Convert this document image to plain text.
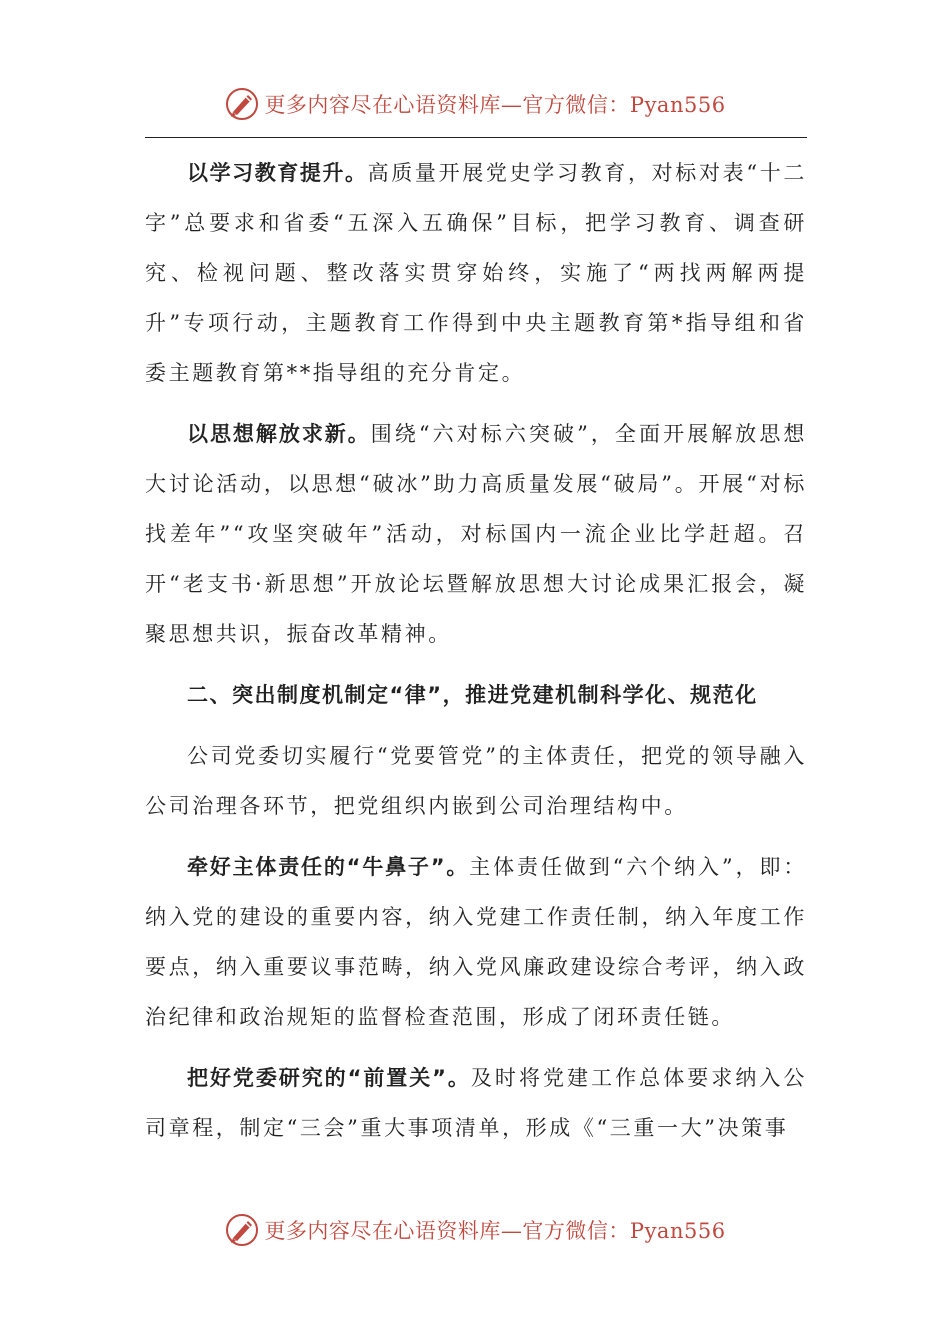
更多内容尽在心语资料库—官方微信：Pyan556

以学习教育提升。高质量开展党史学习教育，对标对表“十二字”总要求和省委“五深入五确保”目标，把学习教育、调查研究、检视问题、整改落实贯穿始终，实施了“两找两解两提升”专项行动，主题教育工作得到中央主题教育第*指导组和省委主题教育第**指导组的充分肯定。

以思想解放求新。围绕“六对标六突破”，全面开展解放思想大讨论活动，以思想“破冰”助力高质量发展“破局”。开展“对标找差年”“攻坚突破年”活动，对标国内一流企业比学赶超。召开“老支书·新思想”开放论坛暨解放思想大讨论成果汇报会，凝聚思想共识，振奋改革精神。

二、突出制度机制定“律”，推进党建机制科学化、规范化

公司党委切实履行“党要管党”的主体责任，把党的领导融入公司治理各环节，把党组织内嵌到公司治理结构中。

牵好主体责任的“牛鼻子”。主体责任做到“六个纳入”，即：纳入党的建设的重要内容，纳入党建工作责任制，纳入年度工作要点，纳入重要议事范畴，纳入党风廉政建设综合考评，纳入政治纪律和政治规矩的监督检查范围，形成了闭环责任链。

把好党委研究的“前置关”。及时将党建工作总体要求纳入公司章程，制定“三会”重大事项清单，形成《“三重一大”决策事

更多内容尽在心语资料库—官方微信：Pyan556
